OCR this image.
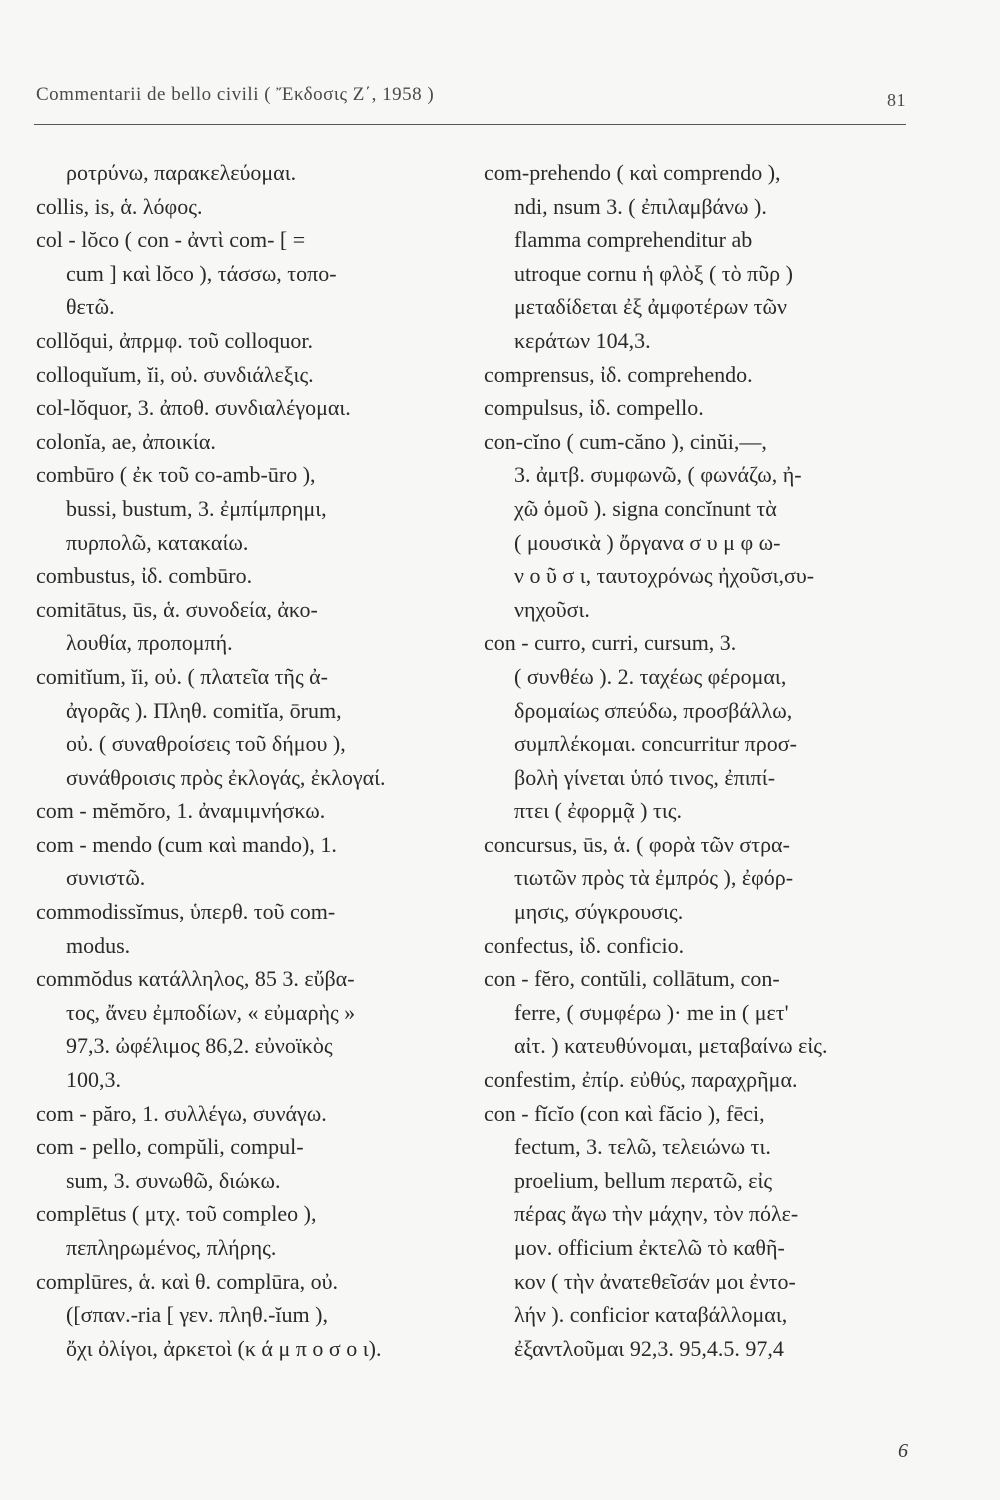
Commentarii de bello civili ( Ἔκδοσις Ζ΄, 1958 )	81
ροτρύνω, παρακελεύομαι.
collis, is, ἁ. λόφος.
col - lŏco ( con - ἀντὶ com- [ =
cum ] καὶ lŏco ), τάσσω, τοπο-
θετῶ.
collŏqui, ἀπρμφ. τοῦ colloquor.
colloquĭum, ĭi, οὐ. συνδιάλεξις.
col-lŏquor, 3. ἀποθ. συνδιαλέγομαι.
colonĭa, ae, ἀποικία.
combūro ( ἐκ τοῦ co-amb-ūro ),
bussi, bustum, 3. ἐμπίμπρημι,
πυρπολῶ, κατακαίω.
combustus, ἰδ. combūro.
comitātus, ūs, ἁ. συνοδεία, ἀκο-
λουθία, προπομπή.
comitĭum, ĭi, οὐ. ( πλατεῖα τῆς ἀ-
ἀγορᾶς ). Πληθ. comitĭa, ōrum,
οὐ. ( συναθροίσεις τοῦ δήμου ),
συνάθροισις πρὸς ἐκλογάς, ἐκλογαί.
com - mĕmŏro, 1. ἀναμιμνήσκω.
com - mendo (cum καὶ mando), 1.
συνιστῶ.
commodissĭmus, ὑπερθ. τοῦ com-
modus.
commŏdus κατάλληλος, 85 3. εὔβα-
τος, ἄνευ ἐμποδίων, « εὐμαρὴς »
97,3. ὠφέλιμος 86,2. εὐνοϊκὸς
100,3.
com - păro, 1. συλλέγω, συνάγω.
com - pello, compŭli, compul-
sum, 3. συνωθῶ, διώκω.
complētus ( μτχ. τοῦ compleo ),
πεπληρωμένος, πλήρης.
complūres, ἁ. καὶ θ. complūra, οὐ.
([σπαν.-ria [ γεν. πληθ.-ĭum ),
ὄχι ὀλίγοι, ἀρκετοὶ (κ ά μ π ο σ ο ι).
com-prehendo ( καὶ comprendo ),
ndi, nsum 3. ( ἐπιλαμβάνω ).
flamma comprehenditur ab
utroque cornu ἡ φλὸξ ( τὸ πῦρ )
μεταδίδεται ἐξ ἀμφοτέρων τῶν
κεράτων 104,3.
comprensus, ἰδ. comprehendo.
compulsus, ἰδ. compello.
con-cĭno ( cum-căno ), cinŭi,—,
3. ἀμτβ. συμφωνῶ, ( φωνάζω, ἠ-
χῶ ὁμοῦ ). signa concĭnunt τὰ
( μουσικὰ ) ὄργανα σ υ μ φ ω-
ν ο ῦ σ ι, ταυτοχρόνως ἠχοῦσι,συ-
νηχοῦσι.
con - curro, curri, cursum, 3.
( συνθέω ). 2. ταχέως φέρομαι,
δρομαίως σπεύδω, προσβάλλω,
συμπλέκομαι. concurritur προσ-
βολὴ γίνεται ὑπό τινος, ἐπιπί-
πτει ( ἐφορμᾷ ) τις.
concursus, ūs, ἁ. ( φορὰ τῶν στρα-
τιωτῶν πρὸς τὰ ἐμπρός ), ἐφόρ-
μησις, σύγκρουσις.
confectus, ἰδ. conficio.
con - fĕro, contŭli, collātum, con-
ferre, ( συμφέρω )· me in ( μετ'
αἰτ. ) κατευθύνομαι, μεταβαίνω εἰς.
confestim, ἐπίρ. εὐθύς, παραχρῆμα.
con - fĭcĭo (con καὶ făcio ), fēci,
fectum, 3. τελῶ, τελειώνω τι.
proelium, bellum περατῶ, εἰς
πέρας ἄγω τὴν μάχην, τὸν πόλε-
μον. officium ἐκτελῶ τὸ καθῆ-
κον ( τὴν ἀνατεθεῖσάν μοι ἐντο-
λήν ). conficior καταβάλλομαι,
ἐξαντλοῦμαι 92,3. 95,4.5. 97,4
6
